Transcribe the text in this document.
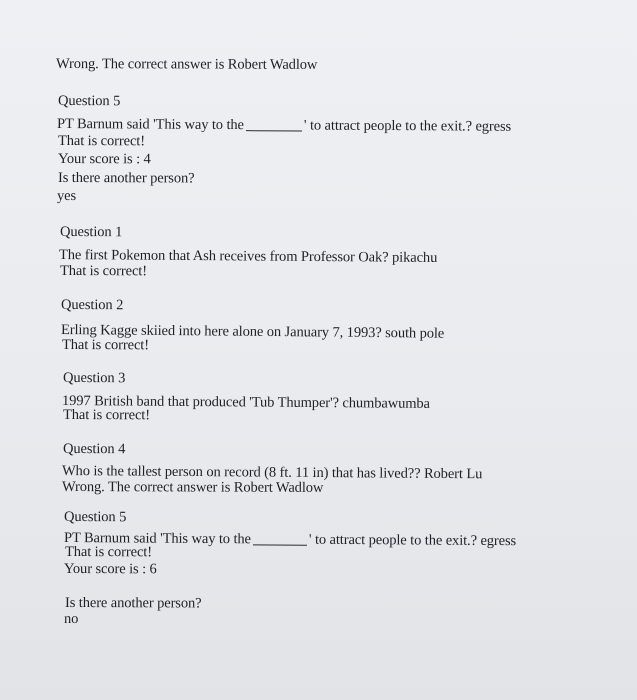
Wrong. The correct answer is Robert Wadlow
Question 5
PT Barnum said 'This way to the	' to attract people to the exit.? egress
That is correct!
Your score is : 4
Is there another person?
yes
Question 1
The first Pokemon that Ash receives from Professor Oak? pikachu
That is correct!
Question 2
Erling Kagge skiied into here alone on January 7, 1993? south pole
That is correct!
Question 3
1997 British band that produced 'Tub Thumper'? chumbawumba
That is correct!
Question 4
Who is the tallest person on record (8 ft. 11 in) that has lived?? Robert Lu
Wrong. The correct answer is Robert Wadlow
Question 5
PT Barnum said 'This way to the	' to attract people to the exit.? egress
That is correct!
Your score is : 6
Is there another person?
no
